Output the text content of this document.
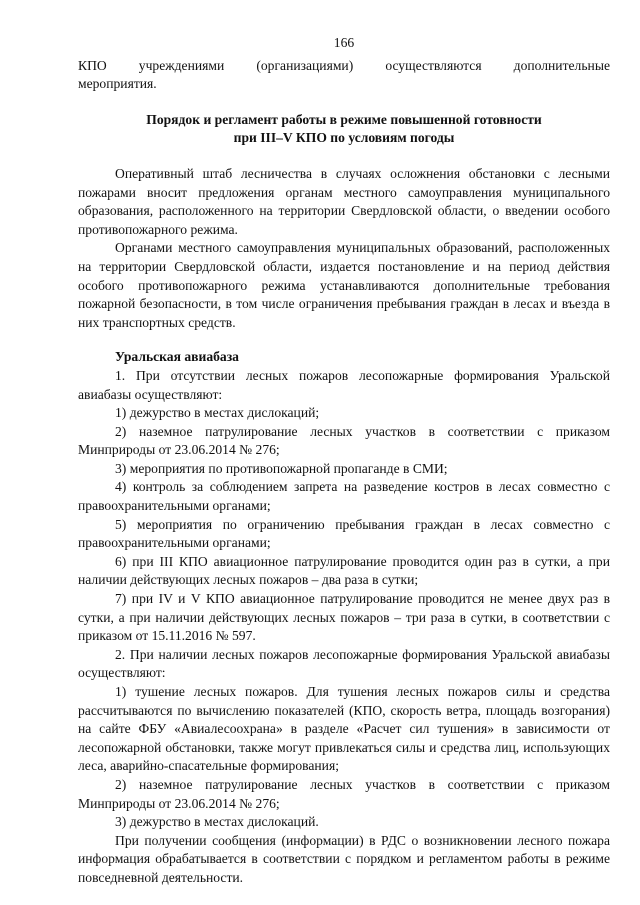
166

КПО учреждениями (организациями) осуществляются дополнительные

мероприятия.

Порядок и регламент работы в режиме повышенной готовности

при III–V КПО по условиям погоды

Оперативный штаб лесничества в случаях осложнения обстановки с лесными пожарами вносит предложения органам местного самоуправления муниципального образования, расположенного на территории Свердловской области, о введении особого противопожарного режима.

Органами местного самоуправления муниципальных образований, расположенных на территории Свердловской области, издается постановление и на период действия особого противопожарного режима устанавливаются дополнительные требования пожарной безопасности, в том числе ограничения пребывания граждан в лесах и въезда в них транспортных средств.

Уральская авиабаза

1. При отсутствии лесных пожаров лесопожарные формирования Уральской авиабазы осуществляют:

1) дежурство в местах дислокаций;

2) наземное патрулирование лесных участков в соответствии с приказом Минприроды от 23.06.2014 № 276;

3) мероприятия по противопожарной пропаганде в СМИ;

4) контроль за соблюдением запрета на разведение костров в лесах совместно с правоохранительными органами;

5) мероприятия по ограничению пребывания граждан в лесах совместно с правоохранительными органами;

6) при III КПО авиационное патрулирование проводится один раз в сутки, а при наличии действующих лесных пожаров – два раза в сутки;

7) при IV и V КПО авиационное патрулирование проводится не менее двух раз в сутки, а при наличии действующих лесных пожаров – три раза в сутки, в соответствии с приказом от 15.11.2016 № 597.

2. При наличии лесных пожаров лесопожарные формирования Уральской авиабазы осуществляют:

1) тушение лесных пожаров. Для тушения лесных пожаров силы и средства рассчитываются по вычислению показателей (КПО, скорость ветра, площадь возгорания) на сайте ФБУ «Авиалесоохрана» в разделе «Расчет сил тушения» в зависимости от лесопожарной обстановки, также могут привлекаться силы и средства лиц, использующих леса, аварийно-спасательные формирования;

2) наземное патрулирование лесных участков в соответствии с приказом Минприроды от 23.06.2014 № 276;

3) дежурство в местах дислокаций.

При получении сообщения (информации) в РДС о возникновении лесного пожара информация обрабатывается в соответствии с порядком и регламентом работы в режиме повседневной деятельности.
